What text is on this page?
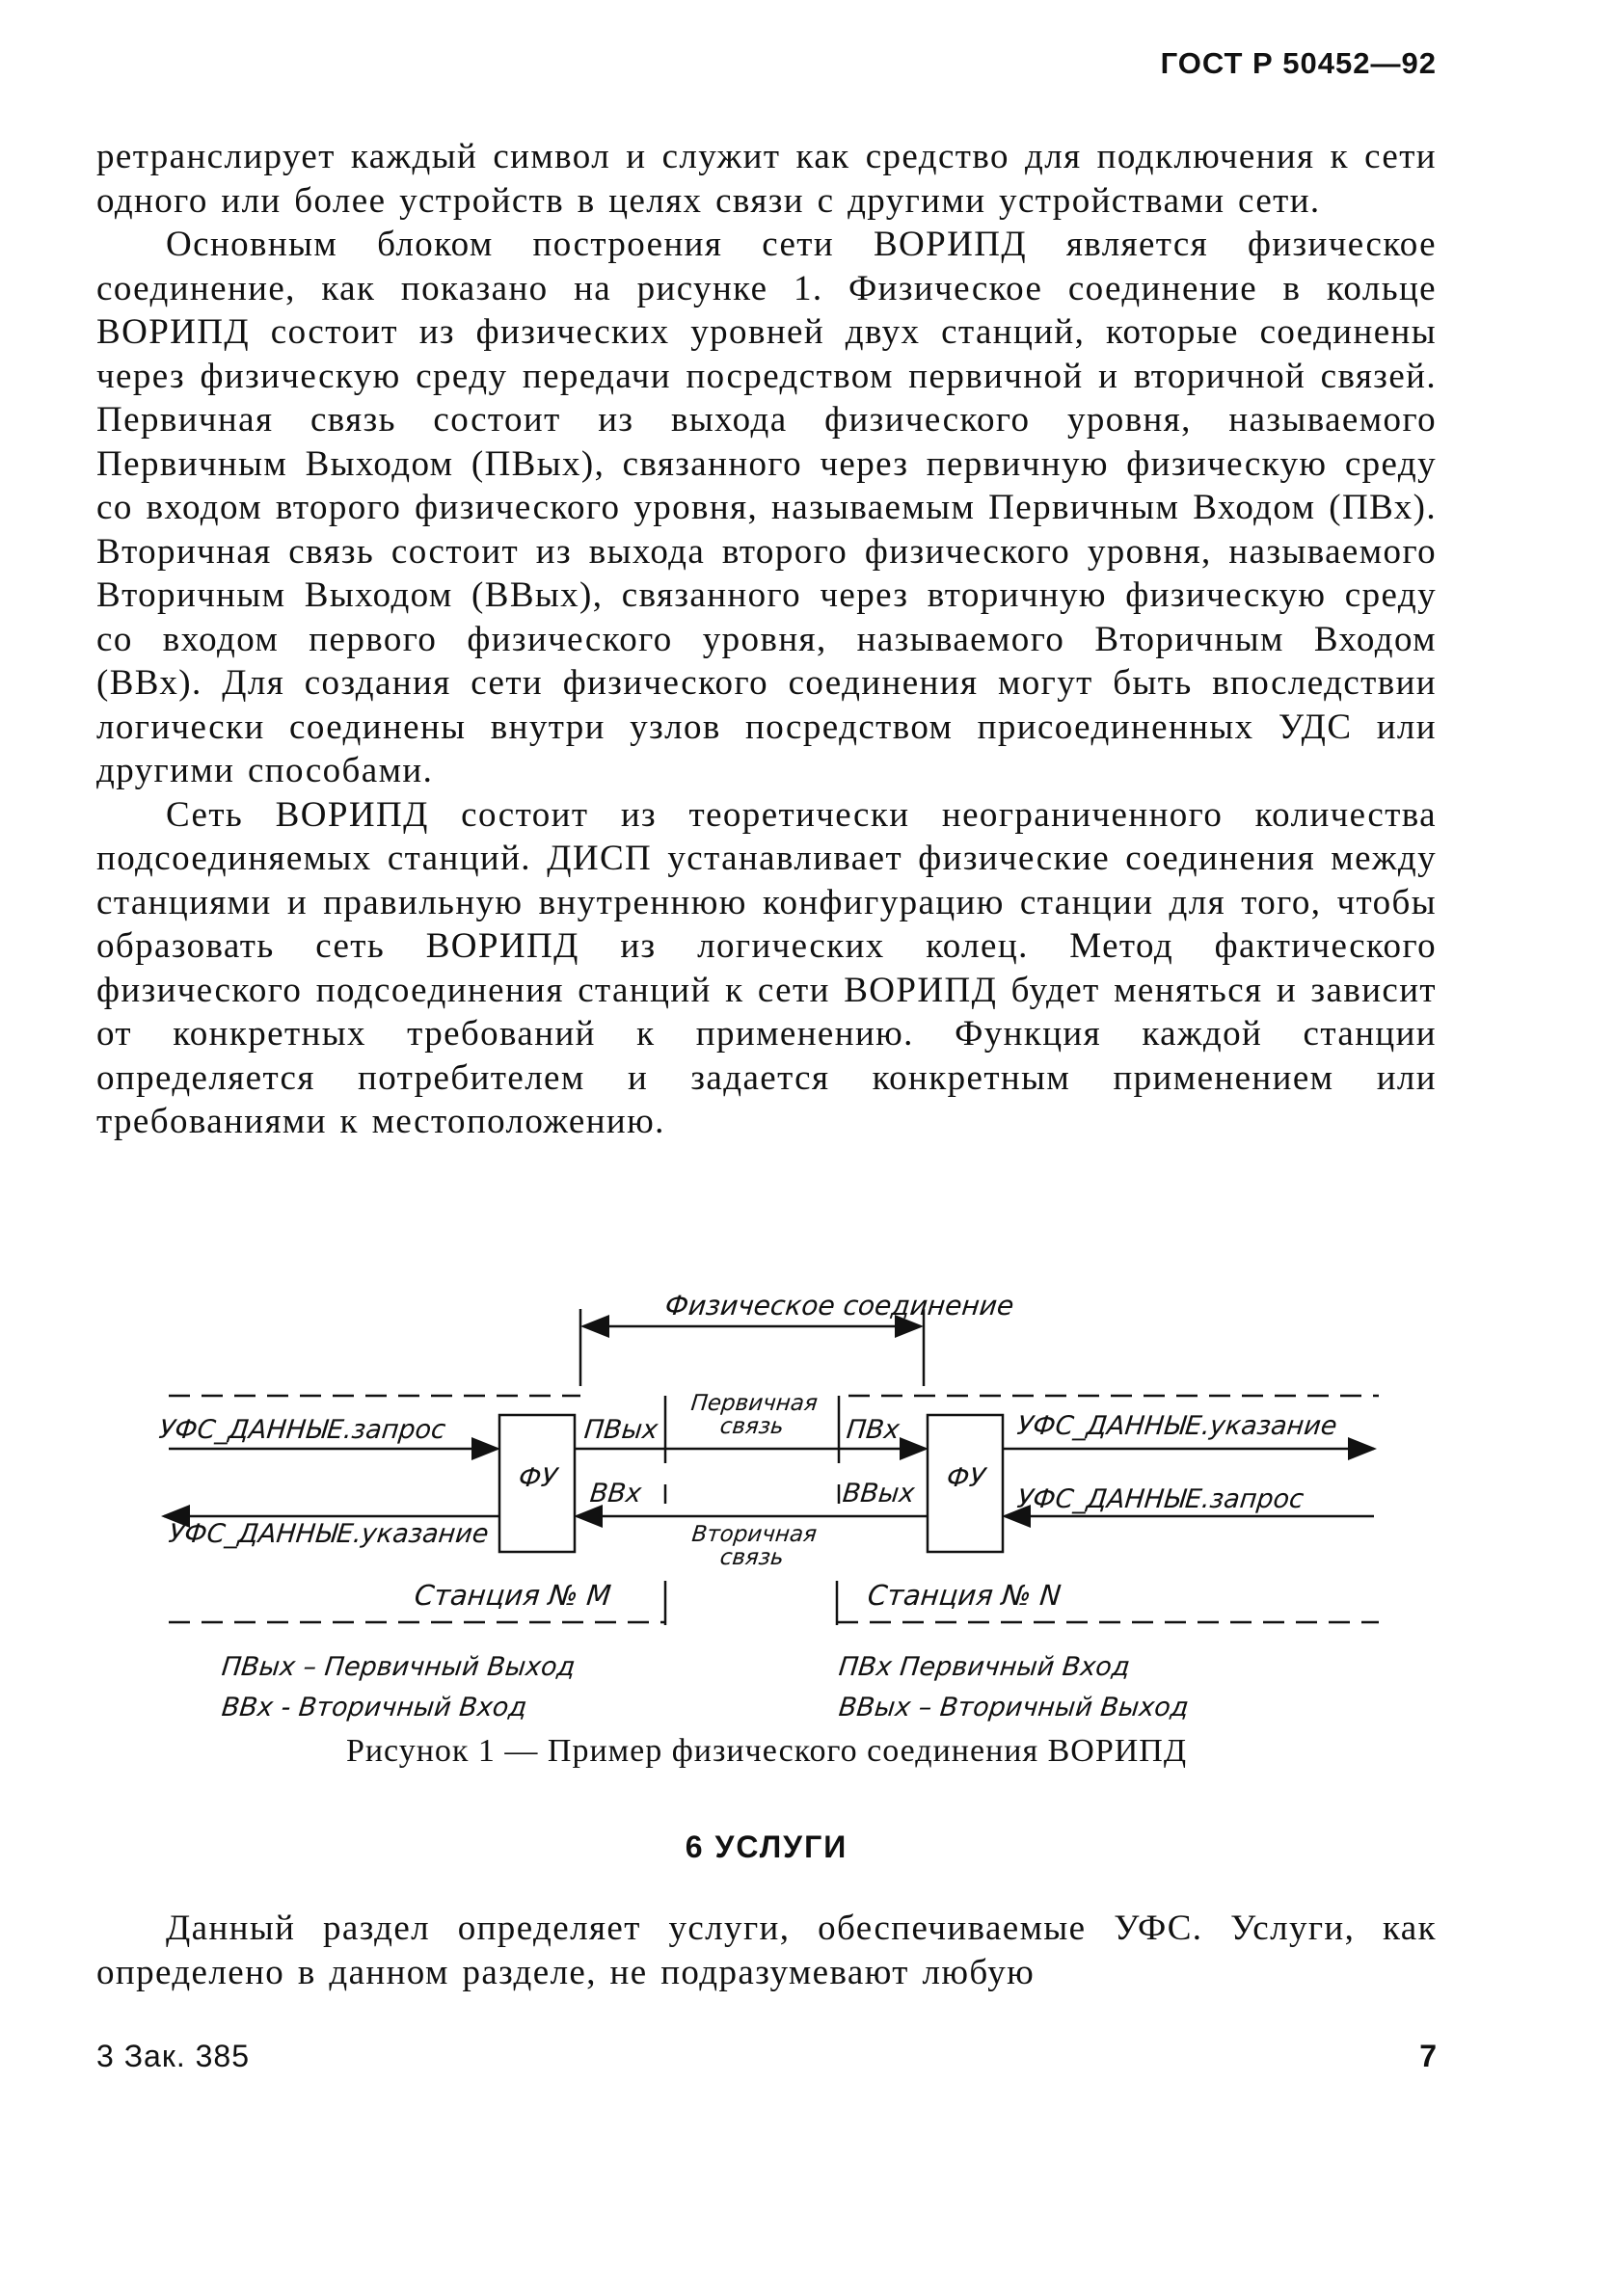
ГОСТ Р 50452—92

ретранслирует каждый символ и служит как средство для подключения к сети одного или более устройств в целях связи с другими устройствами сети.

Основным блоком построения сети ВОРИПД является физическое соединение, как показано на рисунке 1. Физическое соединение в кольце ВОРИПД состоит из физических уровней двух станций, которые соединены через физическую среду передачи посредством первичной и вторичной связей. Первичная связь состоит из выхода физического уровня, называемого Первичным Выходом (ПВых), связанного через первичную физическую среду со входом второго физического уровня, называемым Первичным Входом (ПВх). Вторичная связь состоит из выхода второго физического уровня, называемого Вторичным Выходом (ВВых), связанного через вторичную физическую среду со входом первого физического уровня, называемого Вторичным Входом (ВВх). Для создания сети физического соединения могут быть впоследствии логически соединены внутри узлов посредством присоединенных УДС или другими способами.

Сеть ВОРИПД состоит из теоретически неограниченного количества подсоединяемых станций. ДИСП устанавливает физические соединения между станциями и правильную внутреннюю конфигурацию станции для того, чтобы образовать сеть ВОРИПД из логических колец. Метод фактического физического подсоединения станций к сети ВОРИПД будет меняться и зависит от конкретных требований к применению. Функция каждой станции определяется потребителем и задается конкретным применением или требованиями к местоположению.

Физическое соединение
УФС_ДАННЫЕ.запрос
УФС_ДАННЫЕ.указание
УФС_ДАННЫЕ.указание
УФС_ДАННЫЕ.запрос
ФУ	ФУ
ПВых
ВВх
ПВх
ВВых
Первичная связь
Вторичная связь
Станция № M	Станция № N
ПВых – Первичный Выход
ВВх - Вторичный Вход
ПВх Первичный Вход
ВВых – Вторичный Выход
Рисунок 1 — Пример физического соединения ВОРИПД
6 УСЛУГИ

Данный раздел определяет услуги, обеспечиваемые УФС. Услуги, как определено в данном разделе, не подразумевают любую

3 Зак. 385	7
